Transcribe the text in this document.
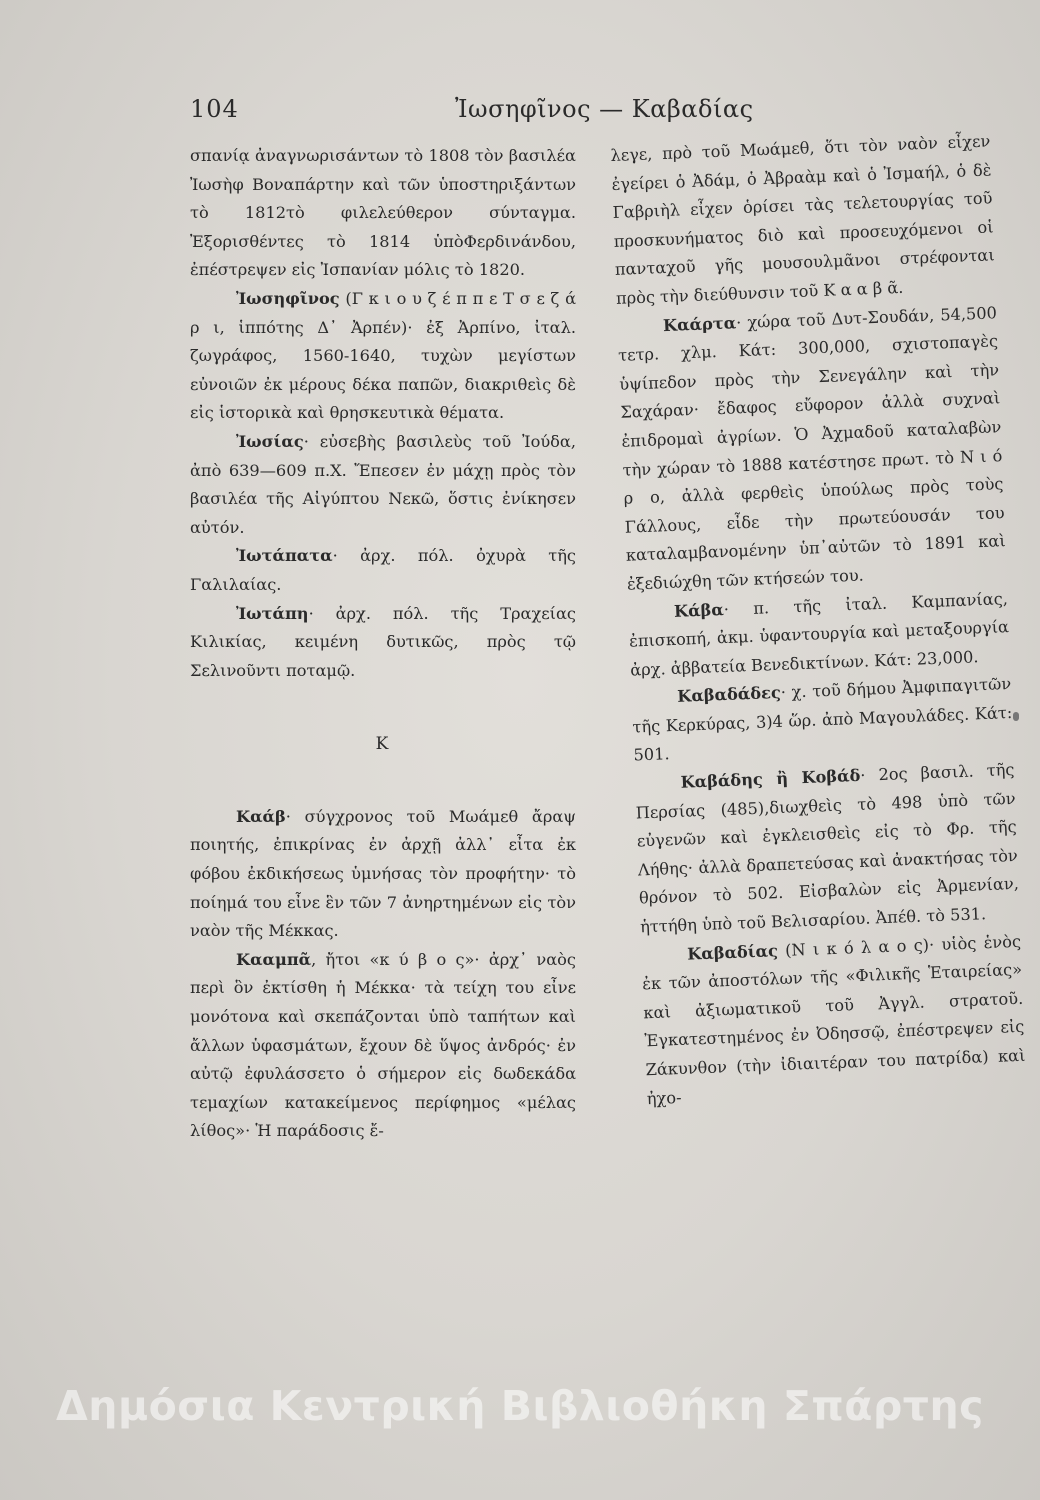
104	Ἰωσηφῖνος — Καβαδίας

σπανίᾳ ἀναγνωρισάντων τὸ 1808 τὸν βασιλέα Ἰωσὴφ Βοναπάρτην καὶ τῶν ὑποστηριξάντων τὸ 1812τὸ φιλελεύθερον σύνταγμα. Ἐξορισθέντες τὸ 1814 ὑπὸΦερδινάνδου, ἐπέστρεψεν εἰς Ἰσπανίαν μόλις τὸ 1820.

Ἰωσηφῖνος (Γ κ ι ο υ ζ έ π π ε Τ σ ε ζ ά ρ ι, ἱππότης Δ᾽ Ἀρπέν)· ἐξ Ἀρπίνο, ἰταλ. ζωγράφος, 1560-1640, τυχὼν μεγίστων εὐνοιῶν ἐκ μέρους δέκα παπῶν, διακριθεὶς δὲ εἰς ἱστορικὰ καὶ θρησκευτικὰ θέματα.

Ἰωσίας· εὐσεβὴς βασιλεὺς τοῦ Ἰούδα, ἀπὸ 639—609 π.Χ. Ἔπεσεν ἐν μάχῃ πρὸς τὸν βασιλέα τῆς Αἰγύπτου Νεκῶ, ὅστις ἐνίκησεν αὐτόν.

Ἰωτάπατα· ἀρχ. πόλ. ὀχυρὰ τῆς Γαλιλαίας.

Ἰωτάπη· ἀρχ. πόλ. τῆς Τραχείας Κιλικίας, κειμένη δυτικῶς, πρὸς τῷ Σελινοῦντι ποταμῷ.

Κ

Καάβ· σύγχρονος τοῦ Μωάμεθ ἄραψ ποιητής, ἐπικρίνας ἐν ἀρχῇ ἀλλ᾽ εἶτα ἐκ φόβου ἐκδικήσεως ὑμνήσας τὸν προφήτην· τὸ ποίημά του εἶνε ἓν τῶν 7 ἀνηρτημένων εἰς τὸν ναὸν τῆς Μέκκας.

Κααμπᾶ, ἤτοι «κ ύ β ο ς»· ἀρχ᾽ ναὸς περὶ ὃν ἐκτίσθη ἡ Μέκκα· τὰ τείχη του εἶνε μονότονα καὶ σκεπάζονται ὑπὸ ταπήτων καὶ ἄλλων ὑφασμάτων, ἔχουν δὲ ὕψος ἀνδρός· ἐν αὐτῷ ἐφυλάσσετο ὁ σήμερον εἰς δωδεκάδα τεμαχίων κατακείμενος περίφημος «μέλας λίθος»· Ἡ παράδοσις ἔ-

λεγε, πρὸ τοῦ Μωάμεθ, ὅτι τὸν ναὸν εἶχεν ἐγείρει ὁ Ἀδάμ, ὁ Ἀβραὰμ καὶ ὁ Ἰσμαήλ, ὁ δὲ Γαβριὴλ εἶχεν ὁρίσει τὰς τελετουργίας τοῦ προσκυνήματος διὸ καὶ προσευχόμενοι οἱ πανταχοῦ γῆς μουσουλμᾶνοι στρέφονται πρὸς τὴν διεύθυνσιν τοῦ Κ α α β ᾶ.

Καάρτα· χώρα τοῦ Δυτ-Σουδάν, 54,500 τετρ. χλμ. Κάτ: 300,000, σχιστοπαγὲς ὑψίπεδον πρὸς τὴν Σενεγάλην καὶ τὴν Σαχάραν· ἔδαφος εὔφορον ἀλλὰ συχναὶ ἐπιδρομαὶ ἀγρίων. Ὁ Ἀχμαδοῦ καταλαβὼν τὴν χώραν τὸ 1888 κατέστησε πρωτ. τὸ Ν ι ό ρ ο, ἀλλὰ φερθεὶς ὑπούλως πρὸς τοὺς Γάλλους, εἶδε τὴν πρωτεύουσάν του καταλαμβανομένην ὑπ᾽αὐτῶν τὸ 1891 καὶ ἐξεδιώχθη τῶν κτήσεών του.

Κάβα· π. τῆς ἰταλ. Καμπανίας, ἐπισκοπή, ἀκμ. ὑφαντουργία καὶ μεταξουργία ἀρχ. ἀββατεία Βενεδικτίνων. Κάτ: 23,000.

Καβαδάδες· χ. τοῦ δήμου Ἀμφιπαγιτῶν τῆς Κερκύρας, 3)4 ὥρ. ἀπὸ Μαγουλάδες. Κάτ: 501.

Καβάδης ἢ Κοβάδ· 2ος βασιλ. τῆς Περσίας (485),διωχθεὶς τὸ 498 ὑπὸ τῶν εὐγενῶν καὶ ἐγκλεισθεὶς εἰς τὸ Φρ. τῆς Λήθης· ἀλλὰ δραπετεύσας καὶ ἀνακτήσας τὸν θρόνον τὸ 502. Εἰσβαλὼν εἰς Ἀρμενίαν, ἡττήθη ὑπὸ τοῦ Βελισαρίου. Ἀπέθ. τὸ 531.

Καβαδίας (Ν ι κ ό λ α ο ς)· υἱὸς ἑνὸς ἐκ τῶν ἀποστόλων τῆς «Φιλικῆς Ἑταιρείας» καὶ ἀξιωματικοῦ τοῦ Ἀγγλ. στρατοῦ. Ἐγκατεστημένος ἐν Ὀδησσῷ, ἐπέστρεψεν εἰς Ζάκυνθον (τὴν ἰδιαιτέραν του πατρίδα) καὶ ἠχο-

Δημόσια Κεντρική Βιβλιοθήκη Σπάρτης
